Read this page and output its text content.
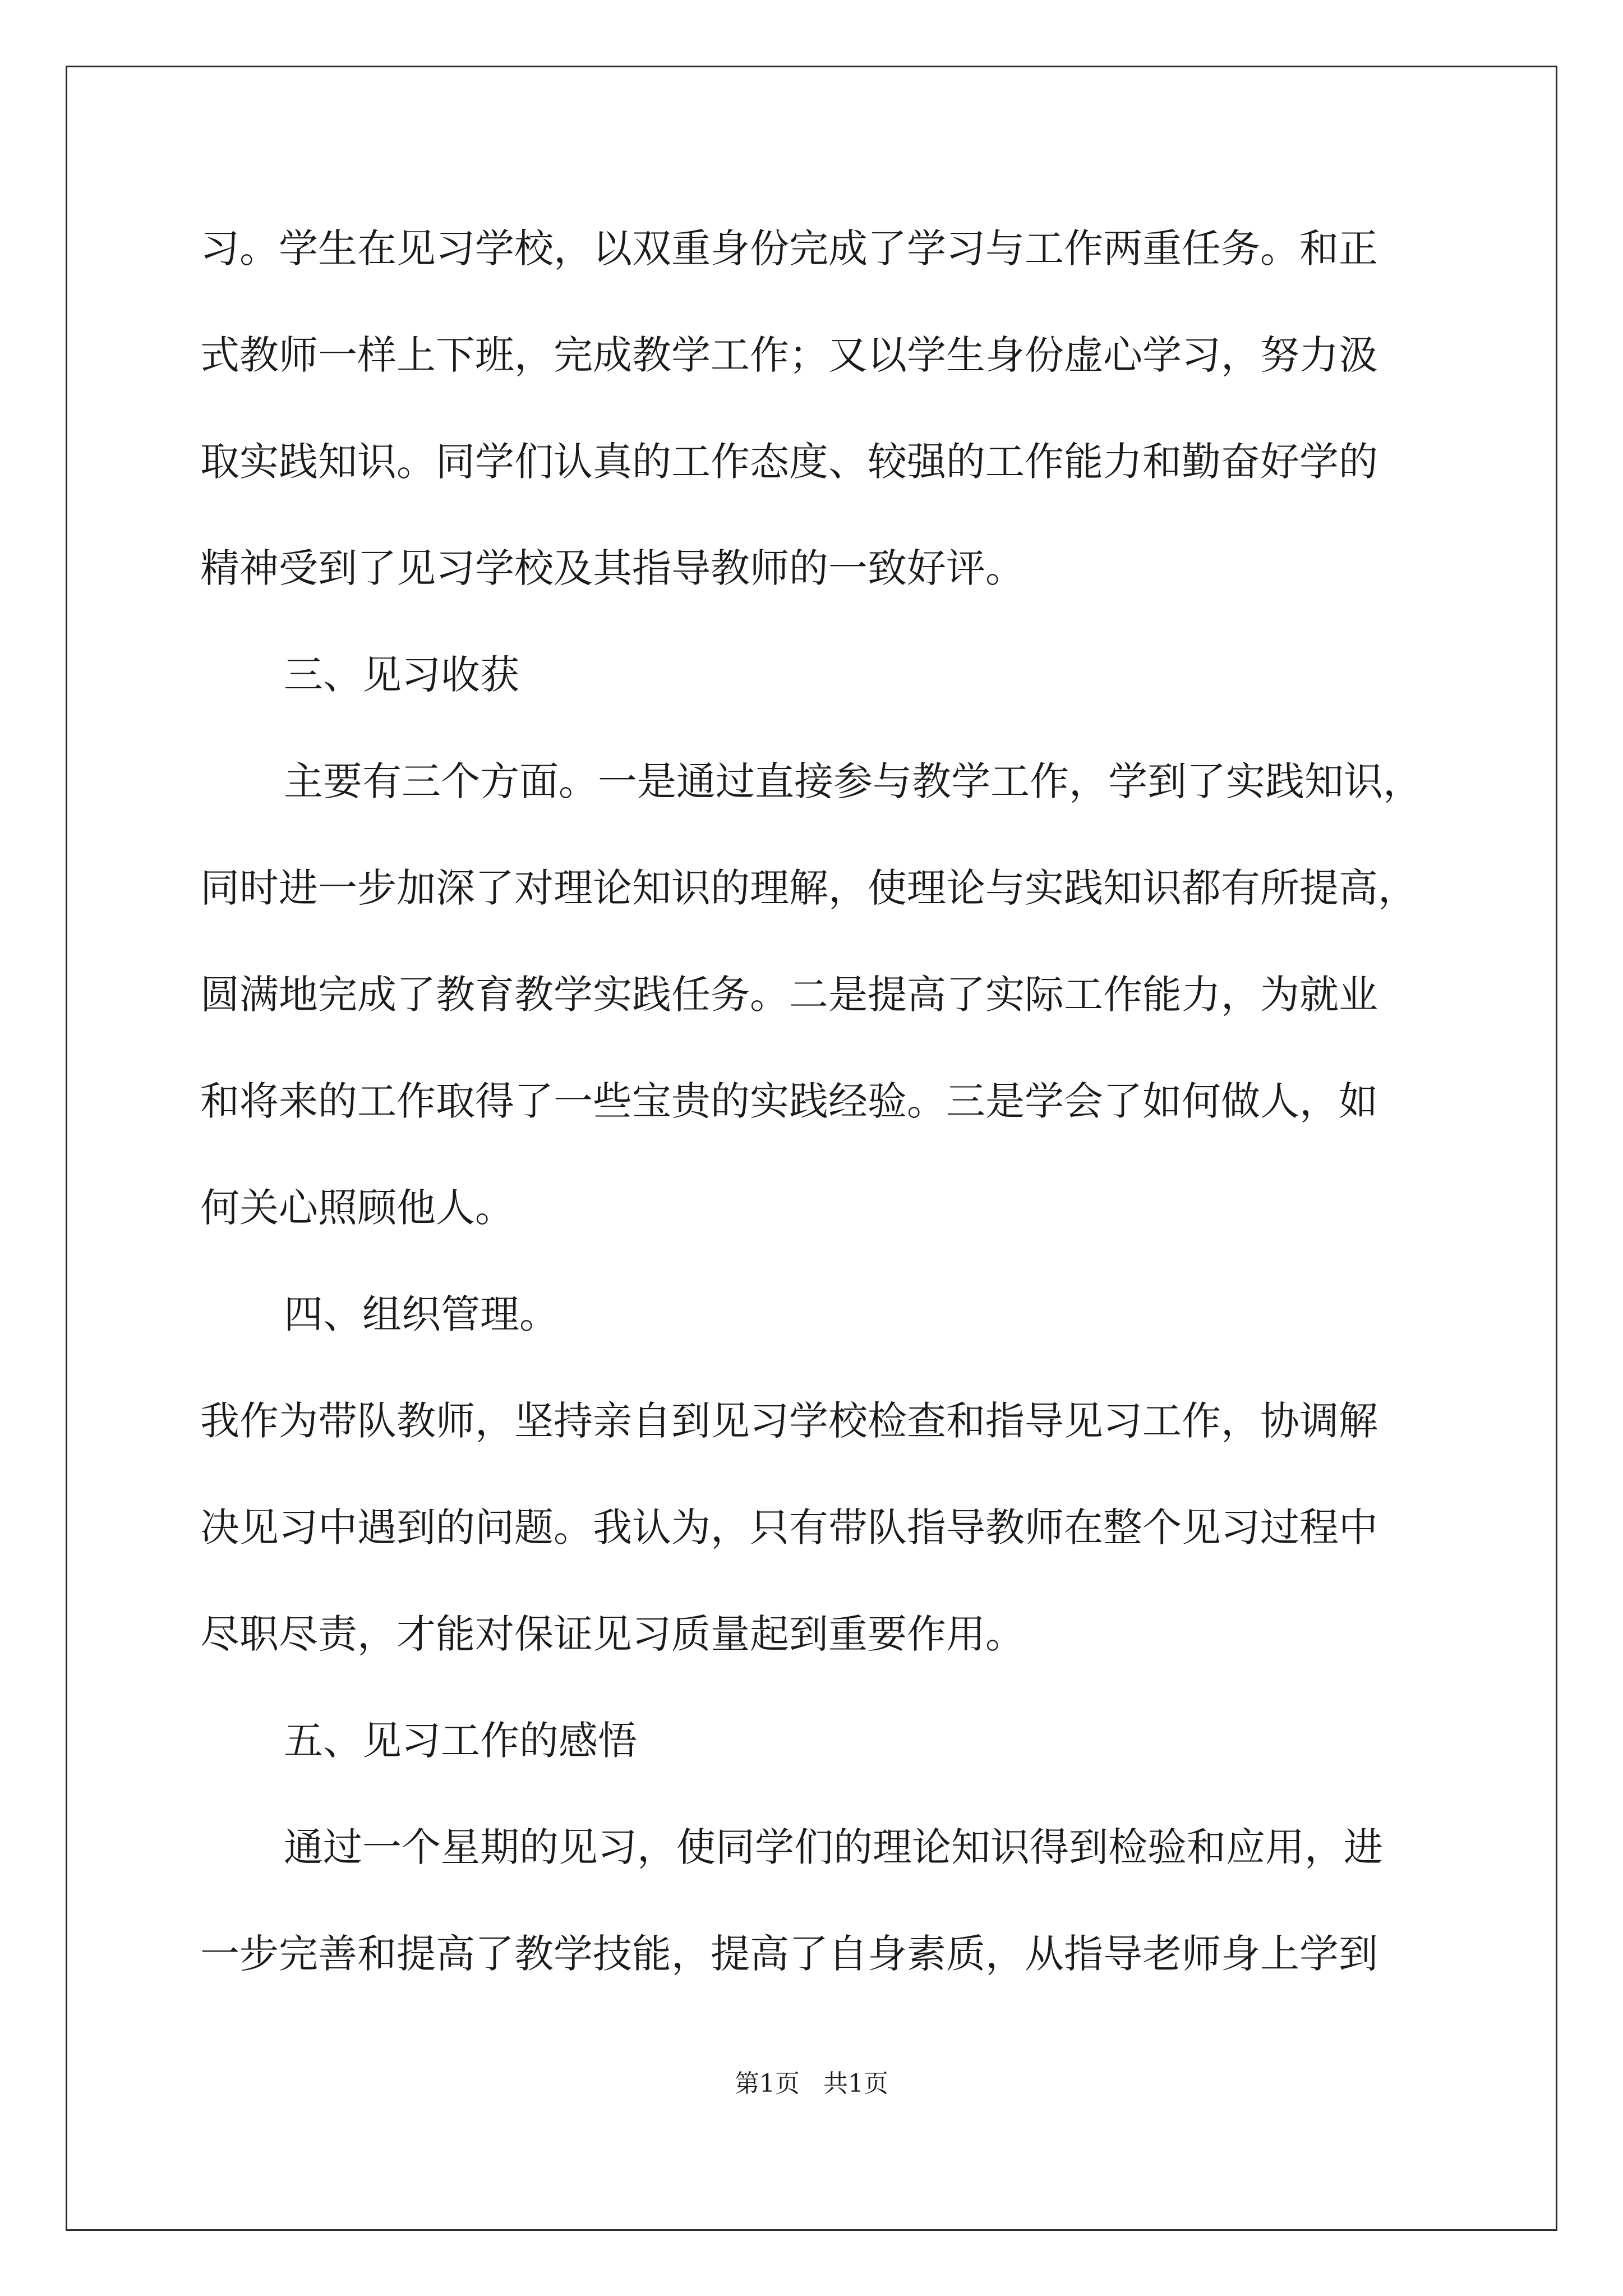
习。学生在见习学校，以双重身份完成了学习与工作两重任务。和正
式教师一样上下班，完成教学工作；又以学生身份虚心学习，努力汲
取实践知识。同学们认真的工作态度、较强的工作能力和勤奋好学的
精神受到了见习学校及其指导教师的一致好评。
三、见习收获
主要有三个方面。一是通过直接参与教学工作，学到了实践知识，
同时进一步加深了对理论知识的理解，使理论与实践知识都有所提高，
圆满地完成了教育教学实践任务。二是提高了实际工作能力，为就业
和将来的工作取得了一些宝贵的实践经验。三是学会了如何做人，如
何关心照顾他人。
四、组织管理。
我作为带队教师，坚持亲自到见习学校检查和指导见习工作，协调解
决见习中遇到的问题。我认为，只有带队指导教师在整个见习过程中
尽职尽责，才能对保证见习质量起到重要作用。
五、见习工作的感悟
通过一个星期的见习，使同学们的理论知识得到检验和应用，进
一步完善和提高了教学技能，提高了自身素质，从指导老师身上学到
第1页   共1页
